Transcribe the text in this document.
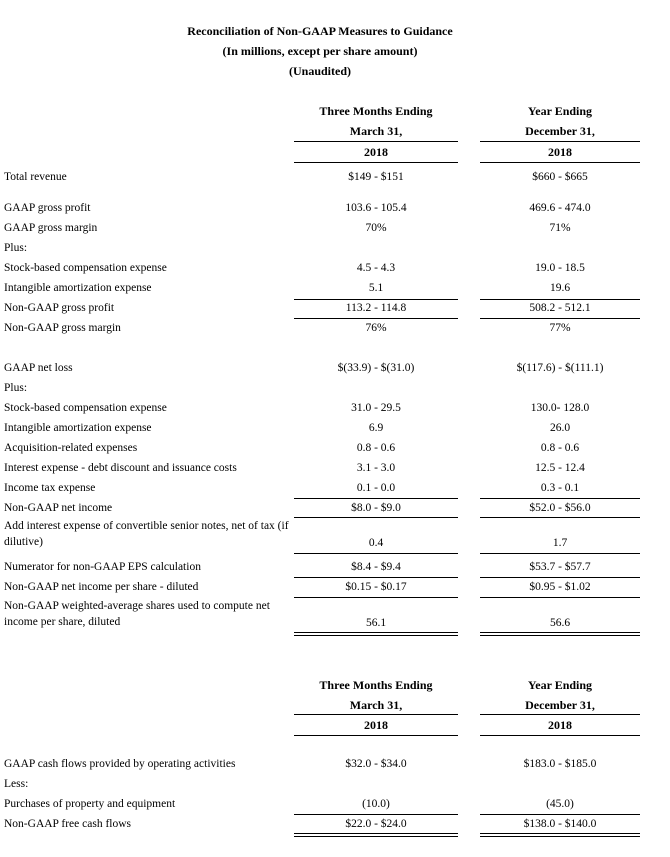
Reconciliation of Non-GAAP Measures to Guidance
(In millions, except per share amount)
(Unaudited)
Three Months Ending
March 31,
2018
Year Ending
December 31,
2018
Total revenue	$149 - $151	$660 - $665
GAAP gross profit	103.6 - 105.4	469.6 - 474.0
GAAP gross margin	70%	71%
Plus:
Stock-based compensation expense	4.5 - 4.3	19.0 - 18.5
Intangible amortization expense	5.1	19.6
Non-GAAP gross profit	113.2 - 114.8	508.2 - 512.1
Non-GAAP gross margin	76%	77%
GAAP net loss	$(33.9) - $(31.0)	$(117.6) - $(111.1)
Plus:
Stock-based compensation expense	31.0 - 29.5	130.0- 128.0
Intangible amortization expense	6.9	26.0
Acquisition-related expenses	0.8 - 0.6	0.8 - 0.6
Interest expense - debt discount and issuance costs	3.1 - 3.0	12.5 - 12.4
Income tax expense	0.1 - 0.0	0.3 - 0.1
Non-GAAP net income	$8.0 - $9.0	$52.0 - $56.0
Add interest expense of convertible senior notes, net of tax (if dilutive)	0.4	1.7
Numerator for non-GAAP EPS calculation	$8.4 - $9.4	$53.7 - $57.7
Non-GAAP net income per share - diluted	$0.15 - $0.17	$0.95 - $1.02
Non-GAAP weighted-average shares used to compute net income per share, diluted	56.1	56.6
Three Months Ending
March 31,
2018
Year Ending
December 31,
2018
GAAP cash flows provided by operating activities	$32.0 - $34.0	$183.0 - $185.0
Less:
Purchases of property and equipment	(10.0)	(45.0)
Non-GAAP free cash flows	$22.0 - $24.0	$138.0 - $140.0
